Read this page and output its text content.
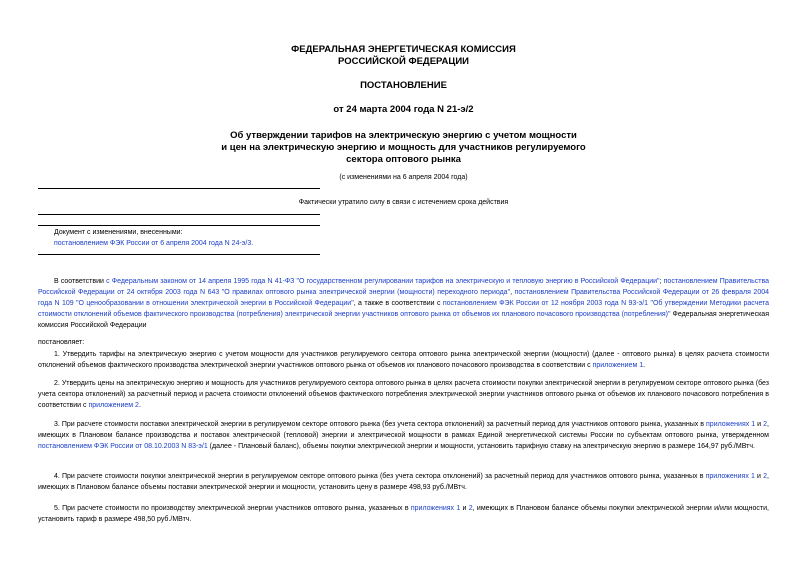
ФЕДЕРАЛЬНАЯ ЭНЕРГЕТИЧЕСКАЯ КОМИССИЯ
РОССИЙСКОЙ ФЕДЕРАЦИИ
ПОСТАНОВЛЕНИЕ
от 24 марта 2004 года N 21-э/2
Об утверждении тарифов на электрическую энергию с учетом мощности
и цен на электрическую энергию и мощность для участников регулируемого
сектора оптового рынка
(с изменениями на 6 апреля 2004 года)
Фактически утратило силу в связи с истечением срока действия
Документ с изменениями, внесенными:
постановлением ФЭК России от 6 апреля 2004 года N 24-э/3.
В соответствии с Федеральным законом от 14 апреля 1995 года N 41-ФЗ "О государственном регулировании тарифов на электрическую и тепловую энергию в Российской Федерации"; постановлением Правительства Российской Федерации от 24 октября 2003 года N 643 "О правилах оптового рынка электрической энергии (мощности) переходного периода", постановлением Правительства Российской Федерации от 26 февраля 2004 года N 109 "О ценообразовании в отношении электрической энергии в Российской Федерации", а также в соответствии с постановлением ФЭК России от 12 ноября 2003 года N 93-э/1 "Об утверждении Методики расчета стоимости отклонений объемов фактического производства (потребления) электрической энергии участников оптового рынка от объемов их планового почасового производства (потребления)" Федеральная энергетическая комиссия Российской Федерации
постановляет:
1. Утвердить тарифы на электрическую энергию с учетом мощности для участников регулируемого сектора оптового рынка электрической энергии (мощности) (далее - оптового рынка) в целях расчета стоимости отклонений объемов фактического производства электрической энергии участников оптового рынка от объемов их планового почасового производства в соответствии с приложением 1.
2. Утвердить цены на электрическую энергию и мощность для участников регулируемого сектора оптового рынка в целях расчета стоимости покупки электрической энергии в регулируемом секторе оптового рынка (без учета сектора отклонений) за расчетный период и расчета стоимости отклонений объемов фактического потребления электрической энергии участников оптового рынка от объемов их планового почасового потребления в соответствии с приложением 2.
3. При расчете стоимости поставки электрической энергии в регулируемом секторе оптового рынка (без учета сектора отклонений) за расчетный период для участников оптового рынка, указанных в приложениях 1 и 2, имеющих в Плановом балансе производства и поставок электрической (тепловой) энергии и электрической мощности в рамках Единой энергетической системы России по субъектам оптового рынка, утвержденном постановлением ФЭК России от 08.10.2003 N 83-э/1 (далее - Плановый баланс), объемы покупки электрической энергии и мощности, установить тарифную ставку на электрическую энергию в размере 164,97 руб./МВтч.
4. При расчете стоимости покупки электрической энергии в регулируемом секторе оптового рынка (без учета сектора отклонений) за расчетный период для участников оптового рынка, указанных в приложениях 1 и 2, имеющих в Плановом балансе объемы поставки электрической энергии и мощности, установить цену в размере 498,93 руб./МВтч.
5. При расчете стоимости по производству электрической энергии участников оптового рынка, указанных в приложениях 1 и 2, имеющих в Плановом балансе объемы покупки электрической энергии и/или мощности, установить тариф в размере 498,50 руб./МВтч.
